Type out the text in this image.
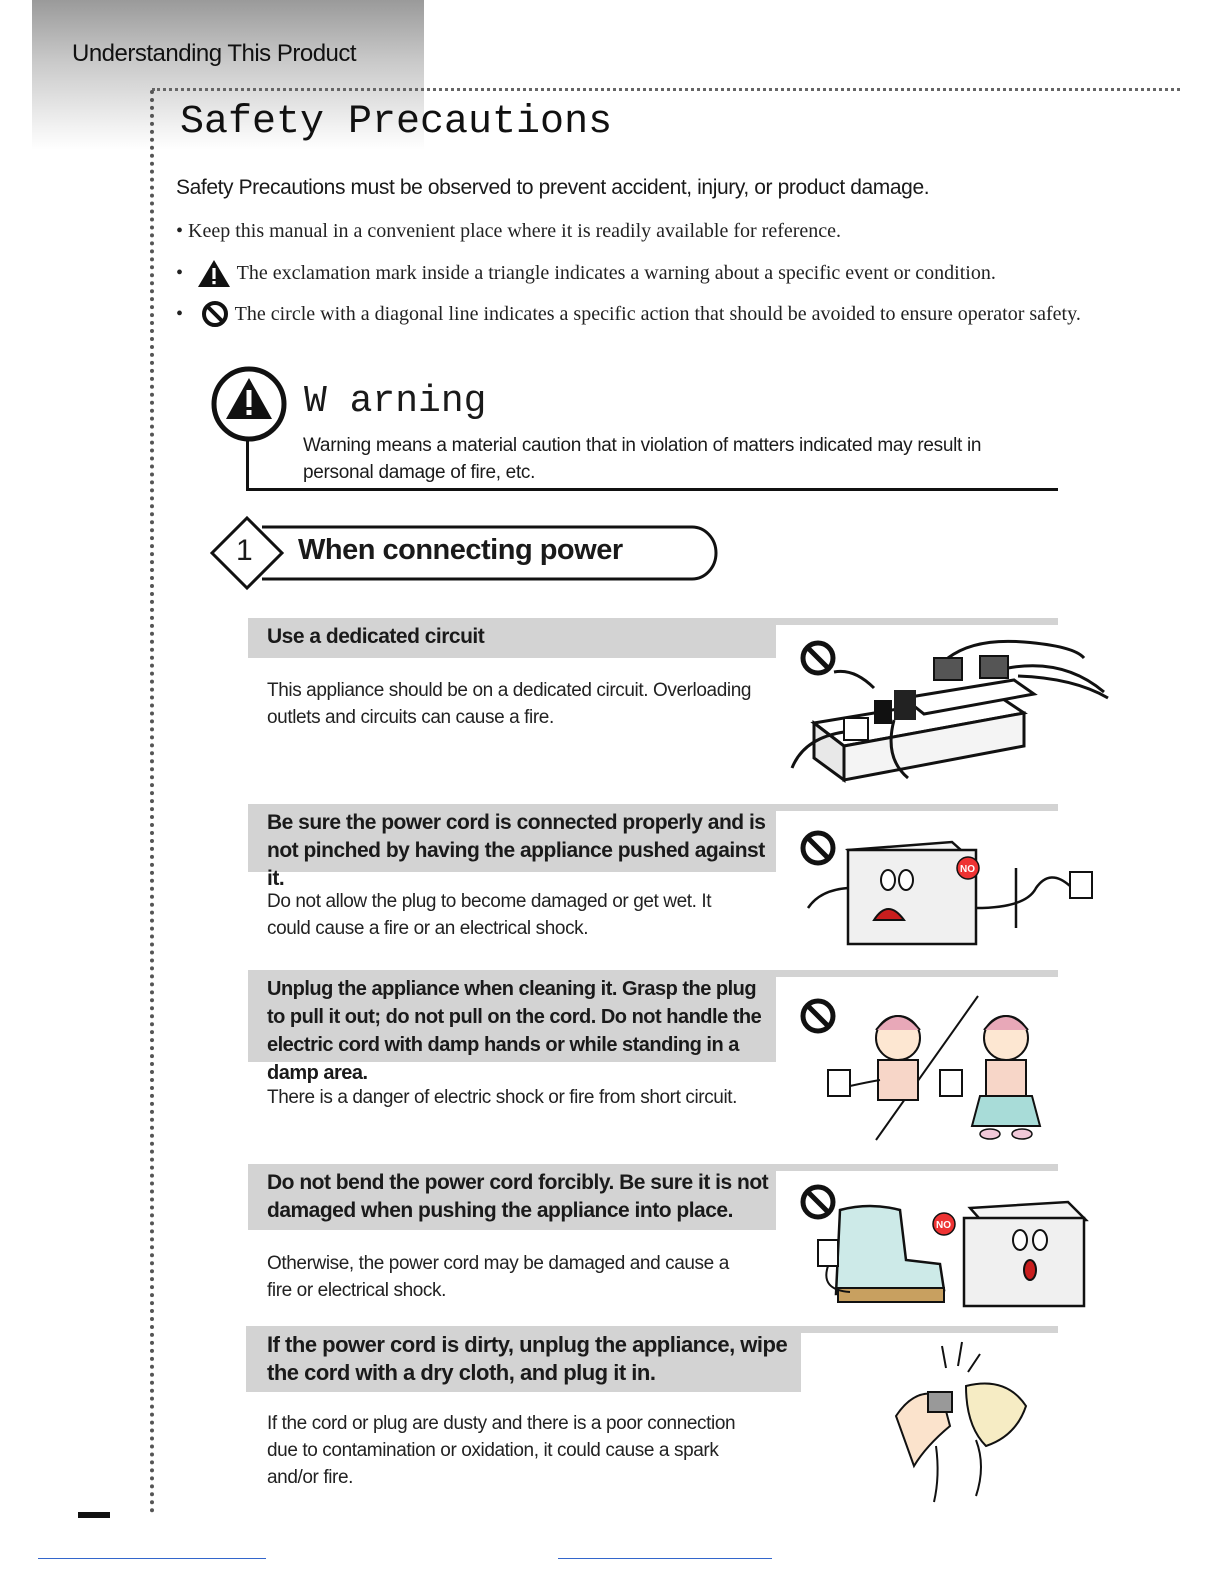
Understanding This Product
Safety Precautions
Safety Precautions must be observed to prevent accident, injury, or product damage.
• Keep this manual in a convenient place where it is readily available for reference.
•	The exclamation mark inside a triangle indicates a warning about a specific event or condition.
•	The circle with a diagonal line indicates a specific action that should be avoided to ensure operator safety.
W arning
Warning means a material caution that in violation of matters indicated may result in personal damage of fire, etc.
1 When connecting power
Use a dedicated circuit
This appliance should be on a dedicated circuit. Overloading outlets and circuits can cause a fire.
Be sure the power cord is connected properly and is not pinched by having the appliance pushed against it.
Do not allow the plug to become damaged or get wet. It could cause a fire or an electrical shock.
NO
Unplug the appliance when cleaning it. Grasp the plug to pull it out; do not pull on the cord. Do not handle the electric cord with damp hands or while standing in a damp area.
There is a danger of electric shock or fire from short circuit.
Do not bend the power cord forcibly. Be sure it is not damaged when pushing the appliance into place.
Otherwise, the power cord may be damaged and cause a fire or electrical shock.
NO
If the power cord is dirty, unplug the appliance, wipe the cord with a dry cloth, and plug it in.
If the cord or plug are dusty and there is a poor connection due to contamination or oxidation, it could cause a spark and/or fire.
